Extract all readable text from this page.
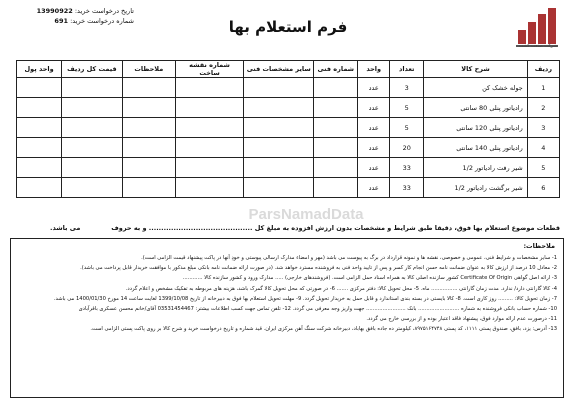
ParsNamadData
تاریخ درخواست خرید: 13990922
شماره درخواست خرید: 691	فرم استعلام بها
شرکت صنعت کشت
ردیف	شرح کالا	تعداد	واحد	شماره فنی	سایر مشخصات فنی	شماره نقشه ساخت	ملاحظات	قیمت کل ردیف	واحد پول
1	جوله خشک کن	3	عدد						
2	رادیاتور پنلی 80 سانتی	5	عدد						
3	رادیاتور پنلی 120 سانتی	5	عدد						
4	رادیاتور پنلی 140 سانتی	20	عدد						
5	شیر رفت رادیاتور 1/2	33	عدد						
6	شیر برگشت رادیاتور 1/2	33	عدد						
قطعات موضوع استعلام بها فوق، دقیقا طبق شرایط و مشخصات بدون ارزش افزوده به مبلغ کل .......................................... و به حروف
می باشد.
ملاحظات:
1- سایر مشخصات و شرایط فنی، عمومی و خصوصی، نقشه ها و نمونه قرارداد در برگ به پیوست می باشد (مهر و امضاء مدارک ارسالی پیوستی و خودِ آنها در پاکت پیشنهاد قیمت الزامی است).
2- معادل 10 درصد از ارزش کالا به عنوان ضمانت نامه حسن انجام کار کسر و پس از تایید واحد فنی به فروشنده مسترد خواهد شد. (در صورت ارائه ضمانت نامه بانکی مبلغ مذکور با موافقت خریدار قابل پرداخت می باشد).
3- ارائه اصل گواهی Certificate Of Origin کشور سازنده اصلی کالا به همراه اسناد حمل الزامی است. (فروشندهای خارجی) ..... مدارک ورود و کشور سازنده کالا ............
4- کالا گارانتی دارد/ ندارد. مدت زمان گارانتی ................ ماه. 5- محل تحویل کالا: دفتر مرکزی ....... 6- در صورتی که محل تحویل کالا گمرک باشد، هزینه های مربوطه به تفکیک مشخص و اعلام گردد.
7- زمان تحویل کالا: ......... روز کاری است. 8- کالا بایستی در بسته بندی استاندارد و قابل حمل به خریدار تحویل گردد. 9- مهلت تحویل استعلام بها فوق به دبیرخانه از تاریخ 1399/10/08 لغایت ساعت 14 مورخ 1400/01/30 می باشد.
10- شماره حساب بانکی فروشنده به شماره ......................... بانک ........................ جهت واریز وجه معرفی می گردد. 12- تلفن تماس جهت کسب اطلاعات بیشتر: 03531454467 آقای/خانم محسن عسکری باقرآبادی
11- درصورت عدم ارائه موارد فوق، پیشنهاد فاقد اعتبار بوده و از بررسی خارج می گردد.
13- آدرس: یزد، بافق، صندوق پستی ۱۱۱۱، کد پستی ۸۹۷۵۱۶۴۷۴۸، کیلومتر ده جاده بافق بهاباد، دبیرخانه شرکت سنگ آهن مرکزی ایران. قید شماره و تاریخ درخواست خرید و شرح کالا بر روی پاکت پستی الزامی است.
